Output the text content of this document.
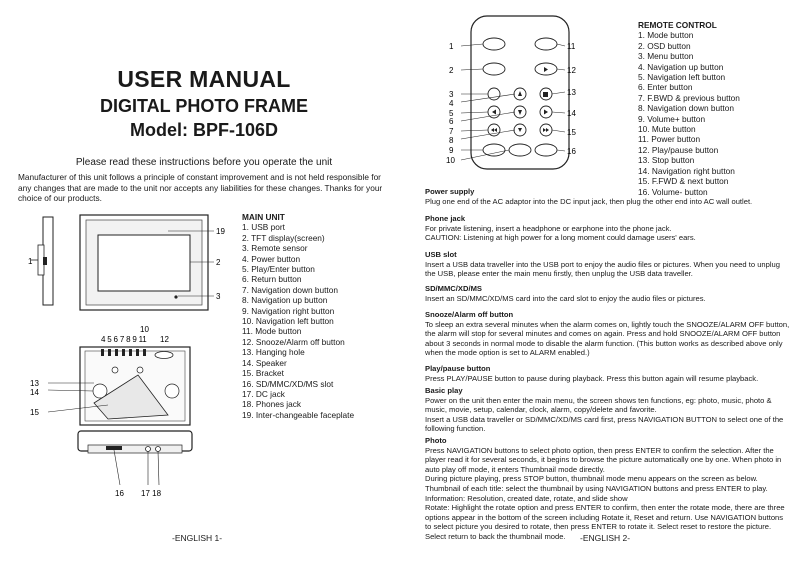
USER MANUAL
DIGITAL PHOTO FRAME
Model: BPF-106D
Please read these instructions before you operate the unit
Manufacturer of this unit follows a principle of constant improvement and is not held responsible for any changes that are made to the unit nor accepts any liabilities for these changes. Thanks for your choice of our products.
1
19
2
3
10
4 5 6 7 8 9 11 12
13
14
15
16 17 18
MAIN UNIT
1. USB port
2. TFT display(screen)
3. Remote sensor
4. Power button
5. Play/Enter button
6. Return button
7. Navigation down button
8. Navigation up button
9. Navigation right button
10. Navigation left button
11. Mode button
12. Snooze/Alarm off button
13. Hanging hole
14. Speaker
15. Bracket
16. SD/MMC/XD/MS slot
17. DC jack
18. Phones jack
19. Inter-changeable faceplate
-ENGLISH 1-
1
2
3
4
5
6
7
8
9
10
11
12
13
14
15
16
REMOTE CONTROL
1. Mode button
2. OSD button
3. Menu button
4. Navigation up button
5. Navigation left button
6. Enter button
7. F.BWD & previous button
8. Navigation down button
9. Volume+ button
10. Mute button
11. Power button
12. Play/pause button
13. Stop button
14. Navigation right button
15. F.FWD & next button
16. Volume- button
Power supply

Plug one end of the AC adaptor into the DC input jack, then plug the other end into AC wall outlet.

Phone jack

For private listening, insert a headphone or earphone into the phone jack.
CAUTION: Listening at high power for a long moment could damage users' ears.

USB slot

Insert a USB data traveller into the USB port to enjoy the audio files or pictures. When you need to unplug the USB, please enter the main menu firstly, then unplug the USB data traveller.

SD/MMC/XD/MS

Insert an SD/MMC/XD/MS card into the card slot to enjoy the audio files or pictures.

Snooze/Alarm off button

To sleep an extra several minutes when the alarm comes on, lightly touch the SNOOZE/ALARM OFF button, the alarm will stop for several minutes and comes on again. Press and hold SNOOZE/ALARM OFF button about 3 seconds in normal mode to disable the alarm function. (This button works as described above only when the mode option is set to ALARM enabled.)

Play/pause button

Press PLAY/PAUSE button to pause during playback. Press this button again will resume playback.

Basic play

Power on the unit then enter the main menu, the screen shows ten functions, eg: photo, music, photo & music, movie, setup, calendar, clock, alarm, copy/delete and favorite.
Insert a USB data traveller or SD/MMC/XD/MS card first, press NAVIGATION BUTTON to select one of the following function.

Photo

Press NAVIGATION buttons to select photo option, then press ENTER to confirm the selection. After the player read it for several seconds, it begins to browse the picture automatically one by one. When photo in auto play off mode, it enters Thumbnail mode directly.
During picture playing, press STOP button, thumbnail mode menu appears on the screen as below.
Thumbnail of each title: select the thumbnail by using NAVIGATION buttons and press ENTER to play.
Information: Resolution, created date, rotate, and slide show
Rotate: Highlight the rotate option and press ENTER to confirm, then enter the rotate mode, there are three options appear in the bottom of the screen including Rotate it, Reset and return. Use NAVIGATION buttons to select picture you desired to rotate, then press ENTER to rotate it. Select reset to restore the picture. Select return to back the thumbnail mode.	-ENGLISH 2-
